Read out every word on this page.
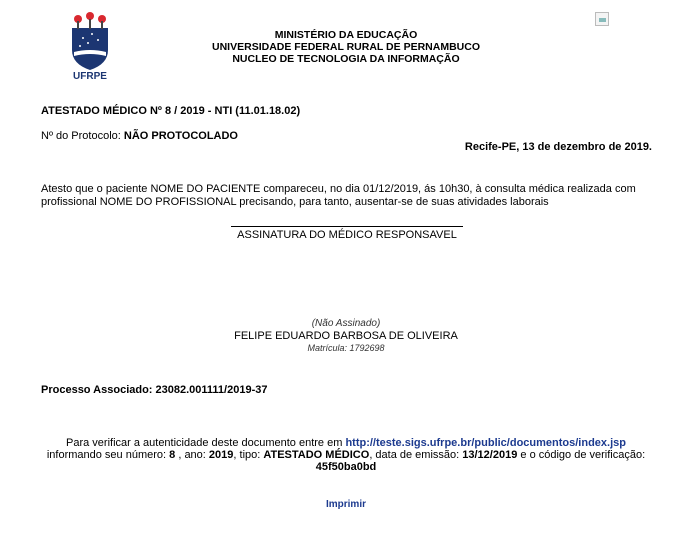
UFRPE
MINISTÉRIO DA EDUCAÇÃO
UNIVERSIDADE FEDERAL RURAL DE PERNAMBUCO
NUCLEO DE TECNOLOGIA DA INFORMAÇÃO
ATESTADO MÉDICO Nº 8 / 2019 - NTI (11.01.18.02)
Nº do Protocolo: NÃO PROTOCOLADO
Recife-PE, 13 de dezembro de 2019.
Atesto que o paciente NOME DO PACIENTE compareceu, no dia 01/12/2019, ás 10h30, à consulta médica realizada com profissional NOME DO PROFISSIONAL precisando, para tanto, ausentar-se de suas atividades laborais
ASSINATURA DO MÉDICO RESPONSAVEL
(Não Assinado)
FELIPE EDUARDO BARBOSA DE OLIVEIRA
Matrícula: 1792698
Processo Associado: 23082.001111/2019-37
Para verificar a autenticidade deste documento entre em http://teste.sigs.ufrpe.br/public/documentos/index.jsp
informando seu número: 8 , ano: 2019, tipo: ATESTADO MÉDICO, data de emissão: 13/12/2019 e o código de verificação:
45f50ba0bd
Imprimir
